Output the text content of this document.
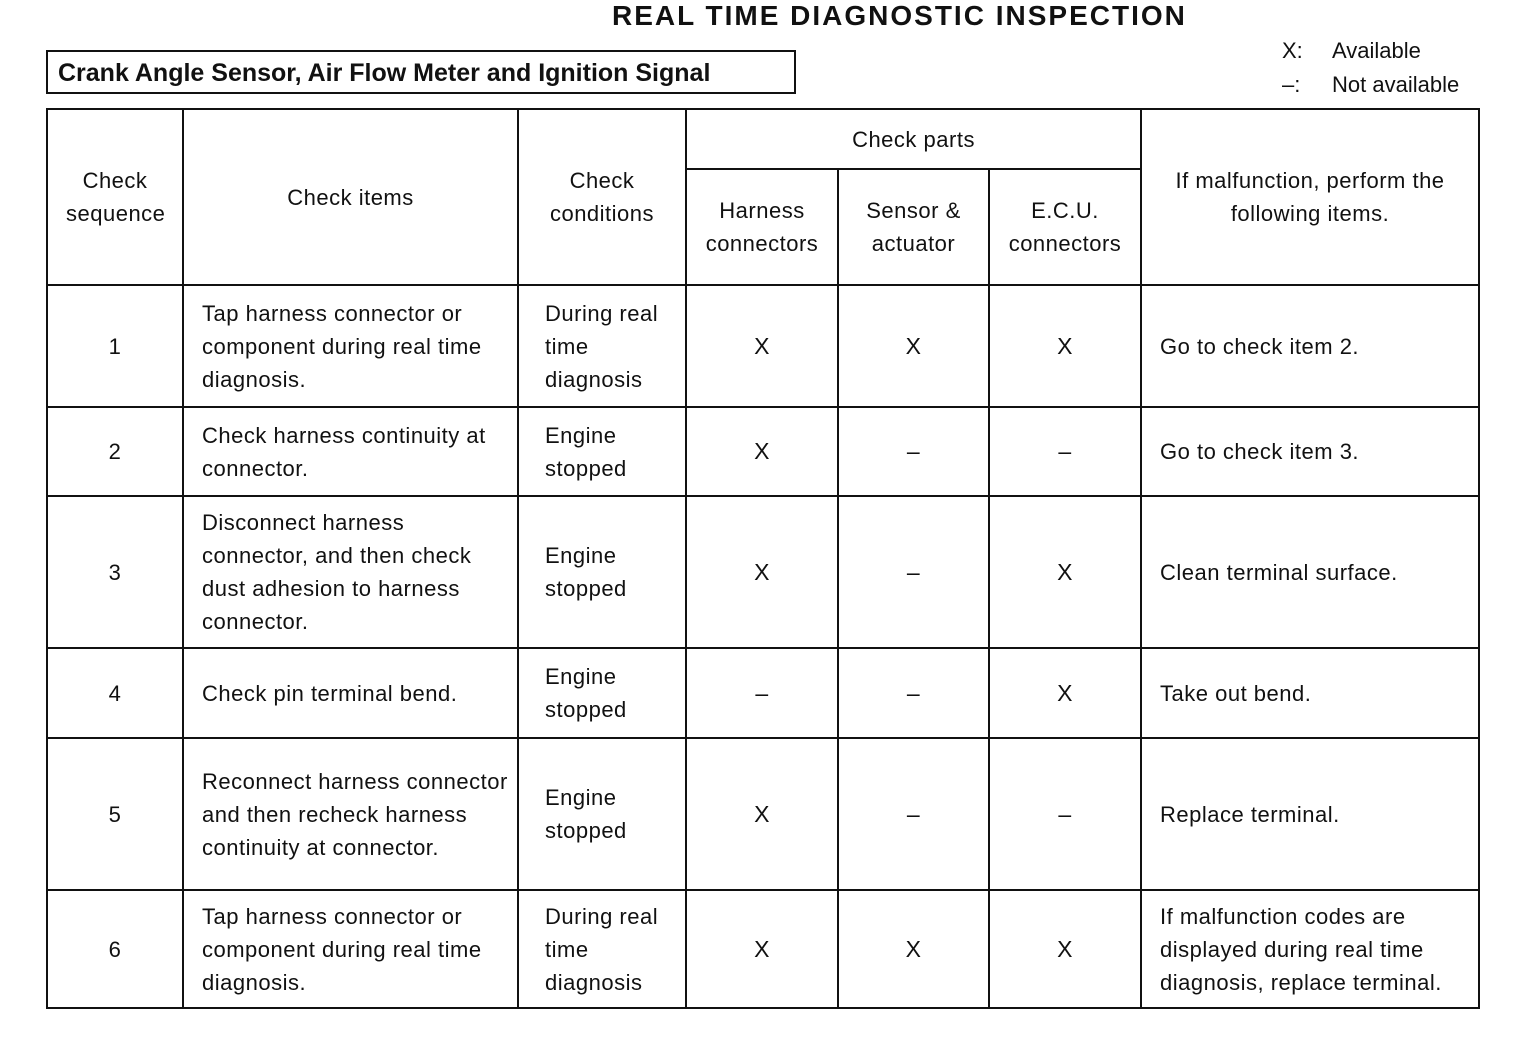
REAL TIME DIAGNOSTIC INSPECTION
Crank Angle Sensor, Air Flow Meter and Ignition Signal
X:	Available
–:	Not available
Check sequence	Check items	Check conditions	Check parts			If malfunction, perform the following items.
			Harness connectors	Sensor & actuator	E.C.U. connectors	
1	Tap harness connector or component during real time diagnosis.	During real time diagnosis	X	X	X	Go to check item 2.
2	Check harness continuity at connector.	Engine stopped	X	–	–	Go to check item 3.
3	Disconnect harness connector, and then check dust adhesion to harness connector.	Engine stopped	X	–	X	Clean terminal surface.
4	Check pin terminal bend.	Engine stopped	–	–	X	Take out bend.
5	Reconnect harness connector and then recheck harness continuity at connector.	Engine stopped	X	–	–	Replace terminal.
6	Tap harness connector or component during real time diagnosis.	During real time diagnosis	X	X	X	If malfunction codes are displayed during real time diagnosis, replace terminal.
